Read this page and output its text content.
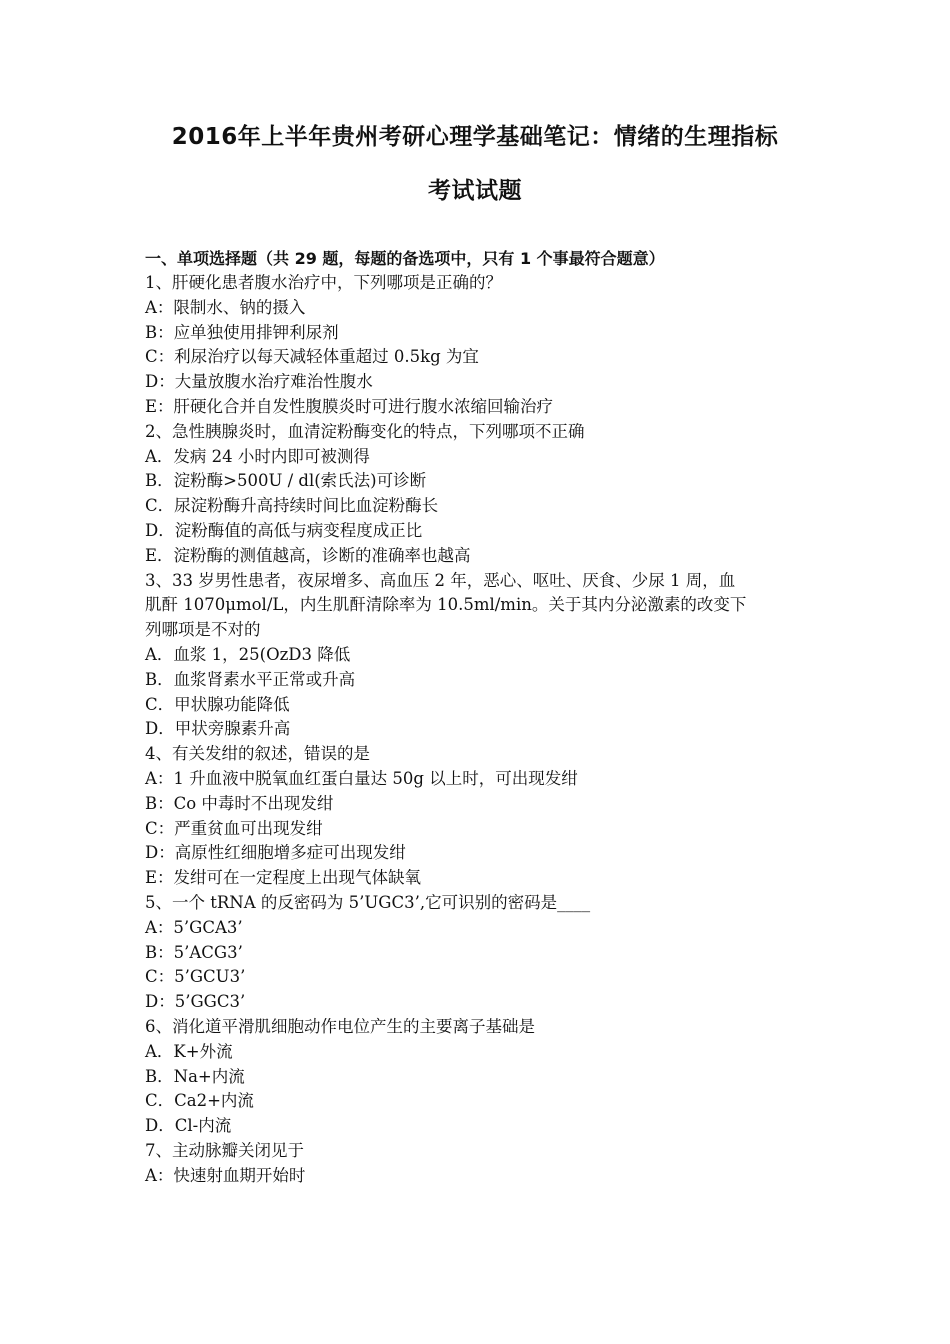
2016年上半年贵州考研心理学基础笔记：情绪的生理指标
考试试题
一、单项选择题（共 29 题，每题的备选项中，只有 1 个事最符合题意）
1、肝硬化患者腹水治疗中，下列哪项是正确的？
A：限制水、钠的摄入
B：应单独使用排钾利尿剂
C：利尿治疗以每天减轻体重超过 0.5kg 为宜
D：大量放腹水治疗难治性腹水
E：肝硬化合并自发性腹膜炎时可进行腹水浓缩回输治疗
2、急性胰腺炎时，血清淀粉酶变化的特点，下列哪项不正确
A．发病 24 小时内即可被测得
B．淀粉酶>500U / dl(索氏法)可诊断
C．尿淀粉酶升高持续时间比血淀粉酶长
D．淀粉酶值的高低与病变程度成正比
E．淀粉酶的测值越高，诊断的准确率也越高
3、33 岁男性患者，夜尿增多、高血压 2 年，恶心、呕吐、厌食、少尿 1 周，血
肌酐 1070μmol/L，内生肌酐清除率为 10.5ml/min。关于其内分泌激素的改变下
列哪项是不对的
A．血浆 1，25(OzD3 降低
B．血浆肾素水平正常或升高
C．甲状腺功能降低
D．甲状旁腺素升高
4、有关发绀的叙述，错误的是
A：1 升血液中脱氧血红蛋白量达 50g 以上时，可出现发绀
B：Co 中毒时不出现发绀
C：严重贫血可出现发绀
D：高原性红细胞增多症可出现发绀
E：发绀可在一定程度上出现气体缺氧
5、一个 tRNA 的反密码为 5’UGC3’,它可识别的密码是____
A：5’GCA3’
B：5’ACG3’
C：5’GCU3’
D：5’GGC3’
6、消化道平滑肌细胞动作电位产生的主要离子基础是
A．K+外流
B．Na+内流
C．Ca2+内流
D．Cl-内流
7、主动脉瓣关闭见于
A：快速射血期开始时
